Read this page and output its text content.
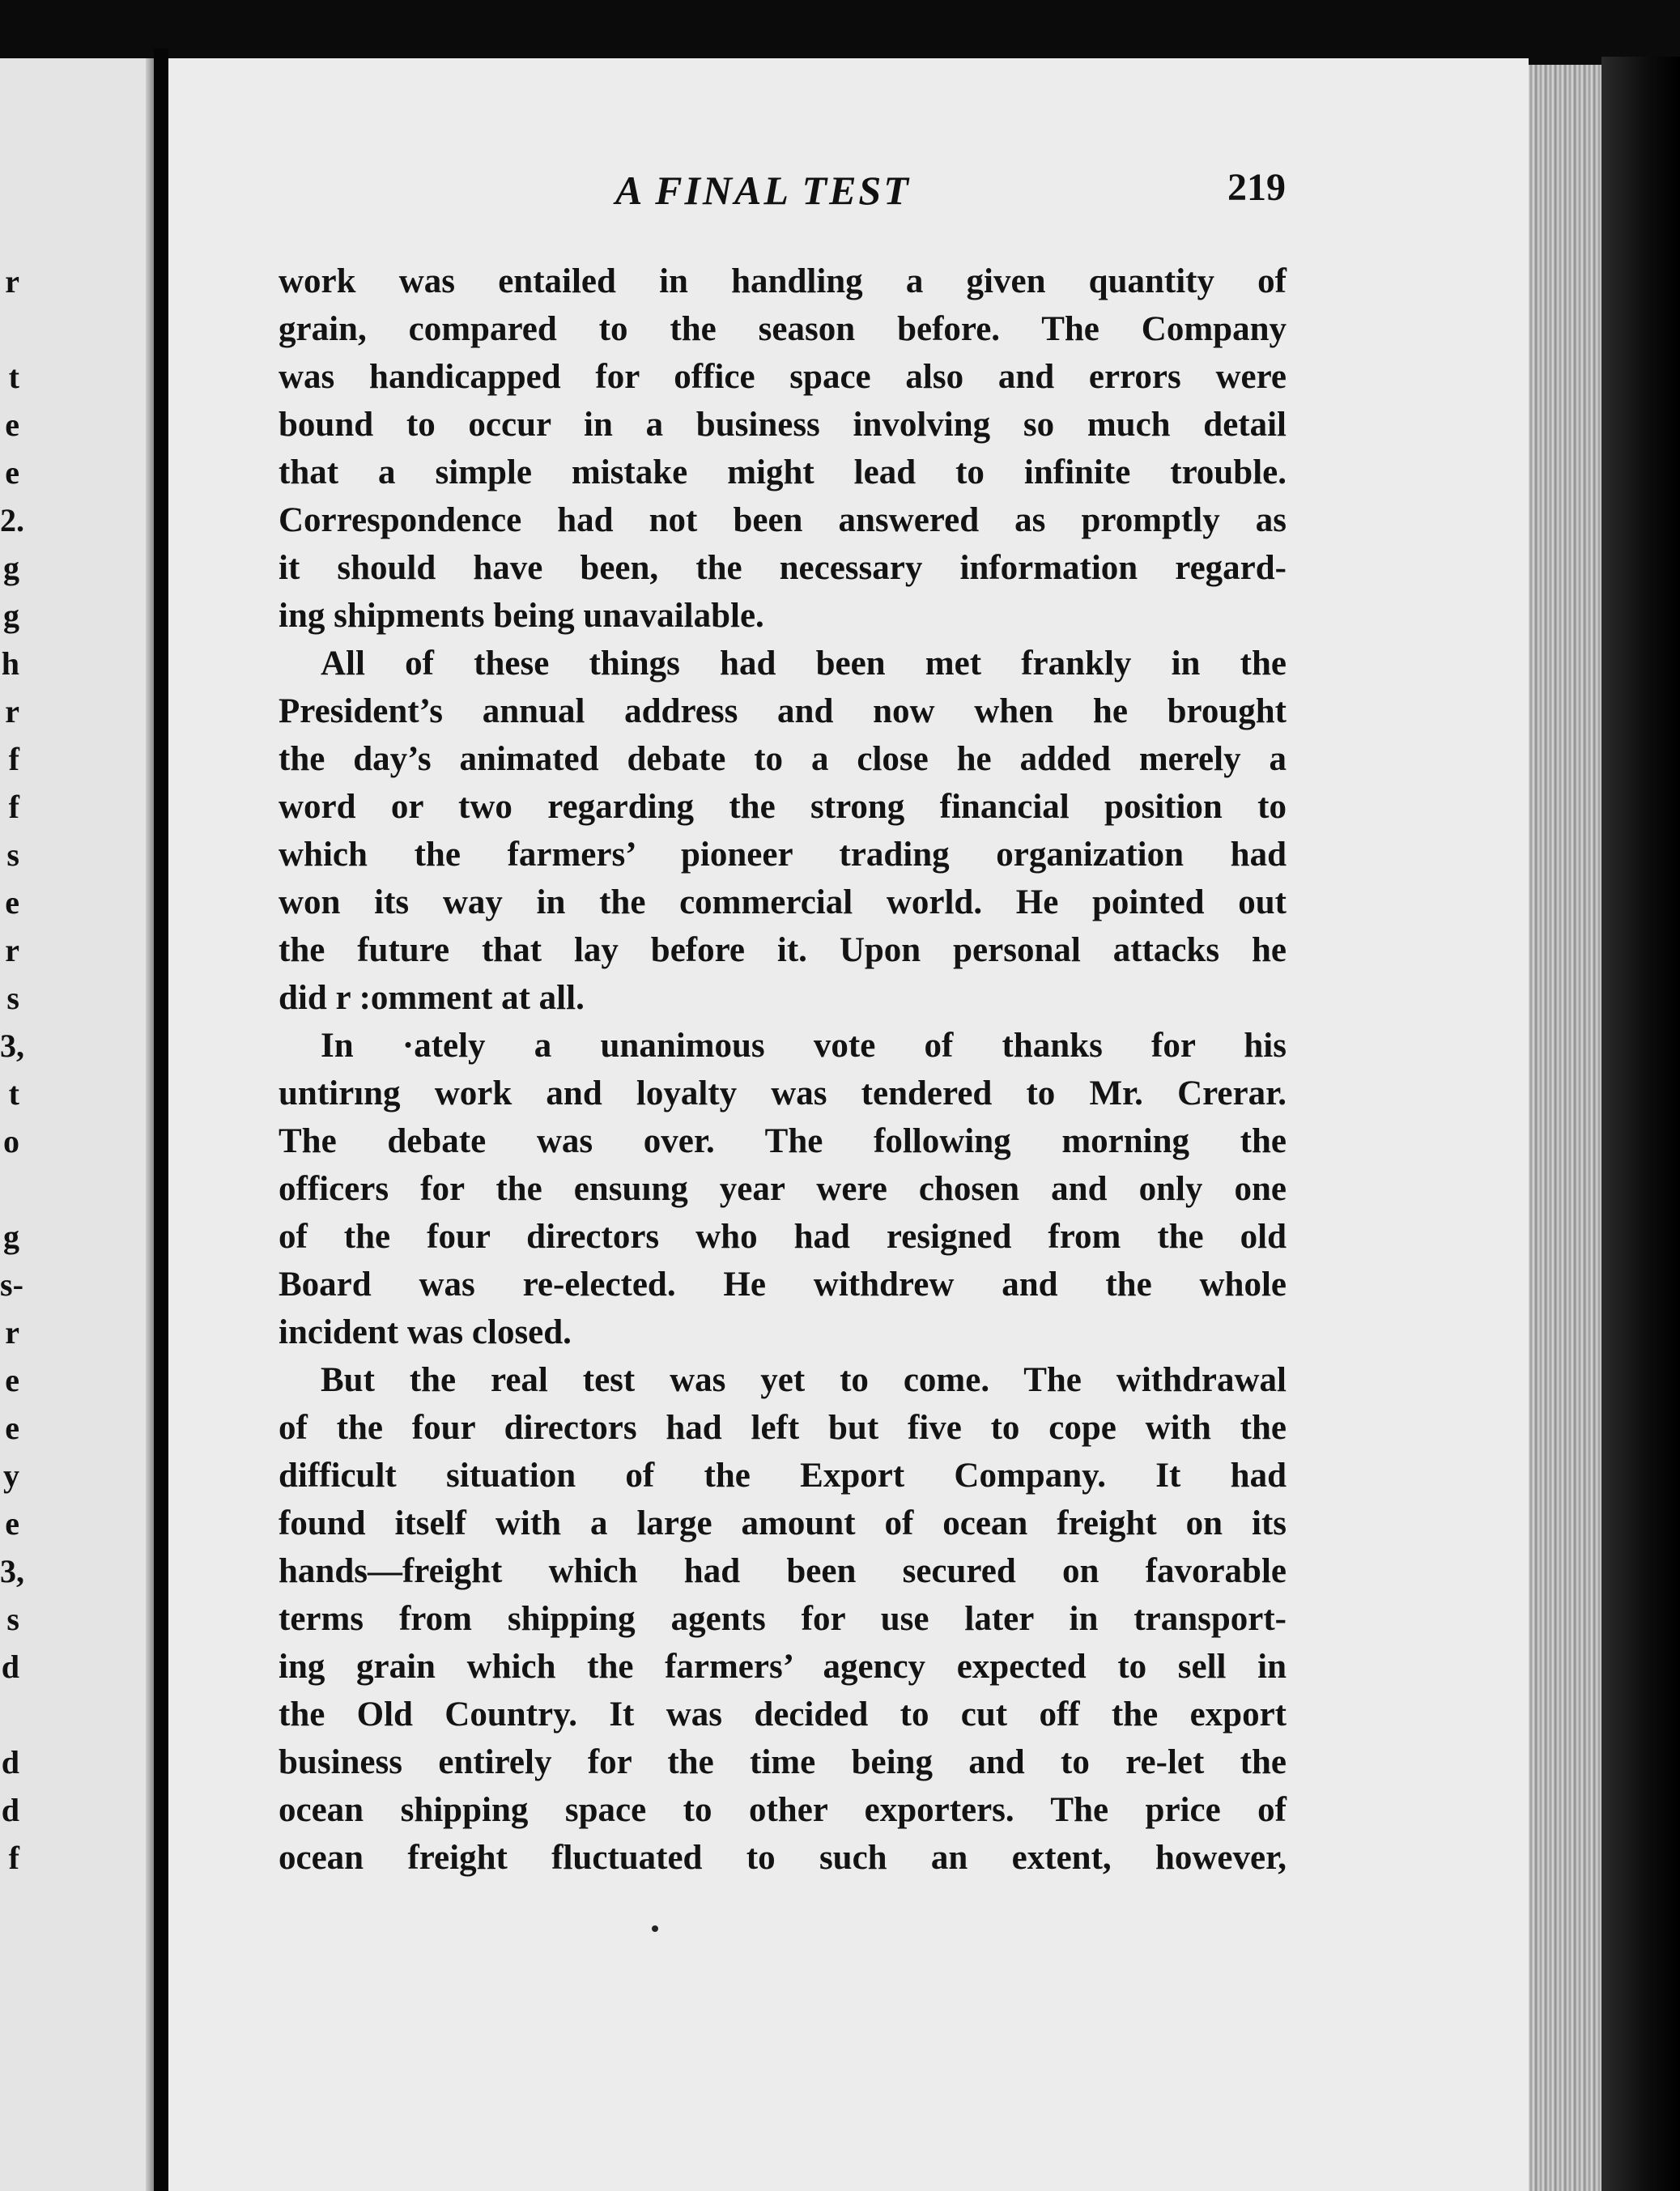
r
t
e
e
2.
g
g
h
r
f
f
s
e
r
s
3,
t
o
g
s-
r
e
e
y
e
3,
s
d
d
d
f
A FINAL TEST	219
work was entailed in handling a given quantity of
grain, compared to the season before. The Company
was handicapped for office space also and errors were
bound to occur in a business involving so much detail
that a simple mistake might lead to infinite trouble.
Correspondence had not been answered as promptly as
it should have been, the necessary information regard-
ing shipments being unavailable.
All of these things had been met frankly in the
President’s annual address and now when he brought
the day’s animated debate to a close he added merely a
word or two regarding the strong financial position to
which the farmers’ pioneer trading organization had
won its way in the commercial world. He pointed out
the future that lay before it. Upon personal attacks he
did r :omment at all.
In ·ately a unanimous vote of thanks for his
untirıng work and loyalty was tendered to Mr. Crerar.
The debate was over. The following morning the
officers for the ensuıng year were chosen and only one
of the four directors who had resigned from the old
Board was re-elected. He withdrew and the whole
incident was closed.
But the real test was yet to come. The withdrawal
of the four directors had left but five to cope with the
difficult situation of the Export Company. It had
found itself with a large amount of ocean freight on its
hands—freight which had been secured on favorable
terms from shipping agents for use later in transport-
ing grain which the farmers’ agency expected to sell in
the Old Country. It was decided to cut off the export
business entirely for the time being and to re-let the
ocean shipping space to other exporters. The price of
ocean freight fluctuated to such an extent, however,
